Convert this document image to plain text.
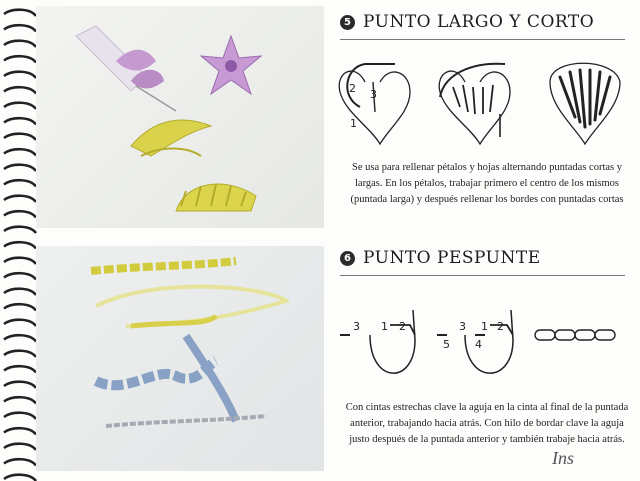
5 PUNTO LARGO Y CORTO
2 3
1
Se usa para rellenar pétalos y hojas alternando puntadas cortas y largas. En los pétalos, trabajar primero el centro de los mismos (puntada larga) y después rellenar los bordes con puntadas cortas
6 PUNTO PESPUNTE
3 1 2	3 1 2
5 4
Con cintas estrechas clave la aguja en la cinta al final de la puntada anterior, trabajando hacia atrás. Con hilo de bordar clave la aguja justo después de la puntada anterior y también trabaje hacia atrás.
Ins
